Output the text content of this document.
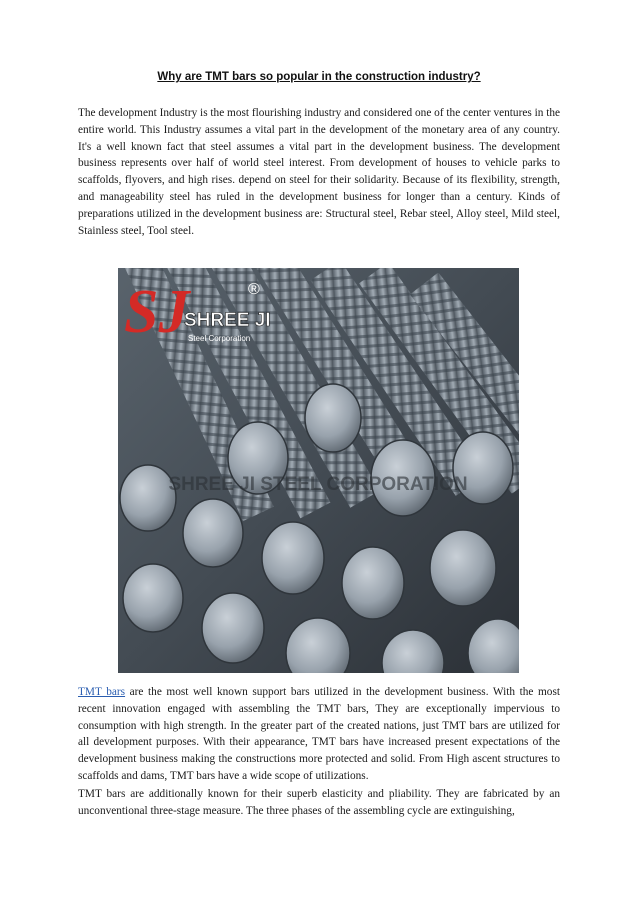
Why are TMT bars so popular in the construction industry?

The development Industry is the most flourishing industry and considered one of the center ventures in the entire world. This Industry assumes a vital part in the development of the monetary area of any country. It's a well known fact that steel assumes a vital part in the development business. The development business represents over half of world steel interest. From development of houses to vehicle parks to scaffolds, flyovers, and high rises. depend on steel for their solidarity. Because of its flexibility, strength, and manageability steel has ruled in the development business for longer than a century. Kinds of preparations utilized in the development business are: Structural steel, Rebar steel, Alloy steel, Mild steel, Stainless steel, Tool steel.

SJ	®
SHREE JI
Steel Corporation
SHREE JI STEEL CORPORATION

TMT bars are the most well known support bars utilized in the development business. With the most recent innovation engaged with assembling the TMT bars, They are exceptionally impervious to consumption with high strength. In the greater part of the created nations, just TMT bars are utilized for all development purposes. With their appearance, TMT bars have increased present expectations of the development business making the constructions more protected and solid. From High ascent structures to scaffolds and dams, TMT bars have a wide scope of utilizations.

TMT bars are additionally known for their superb elasticity and pliability. They are fabricated by an unconventional three-stage measure. The three phases of the assembling cycle are extinguishing,
